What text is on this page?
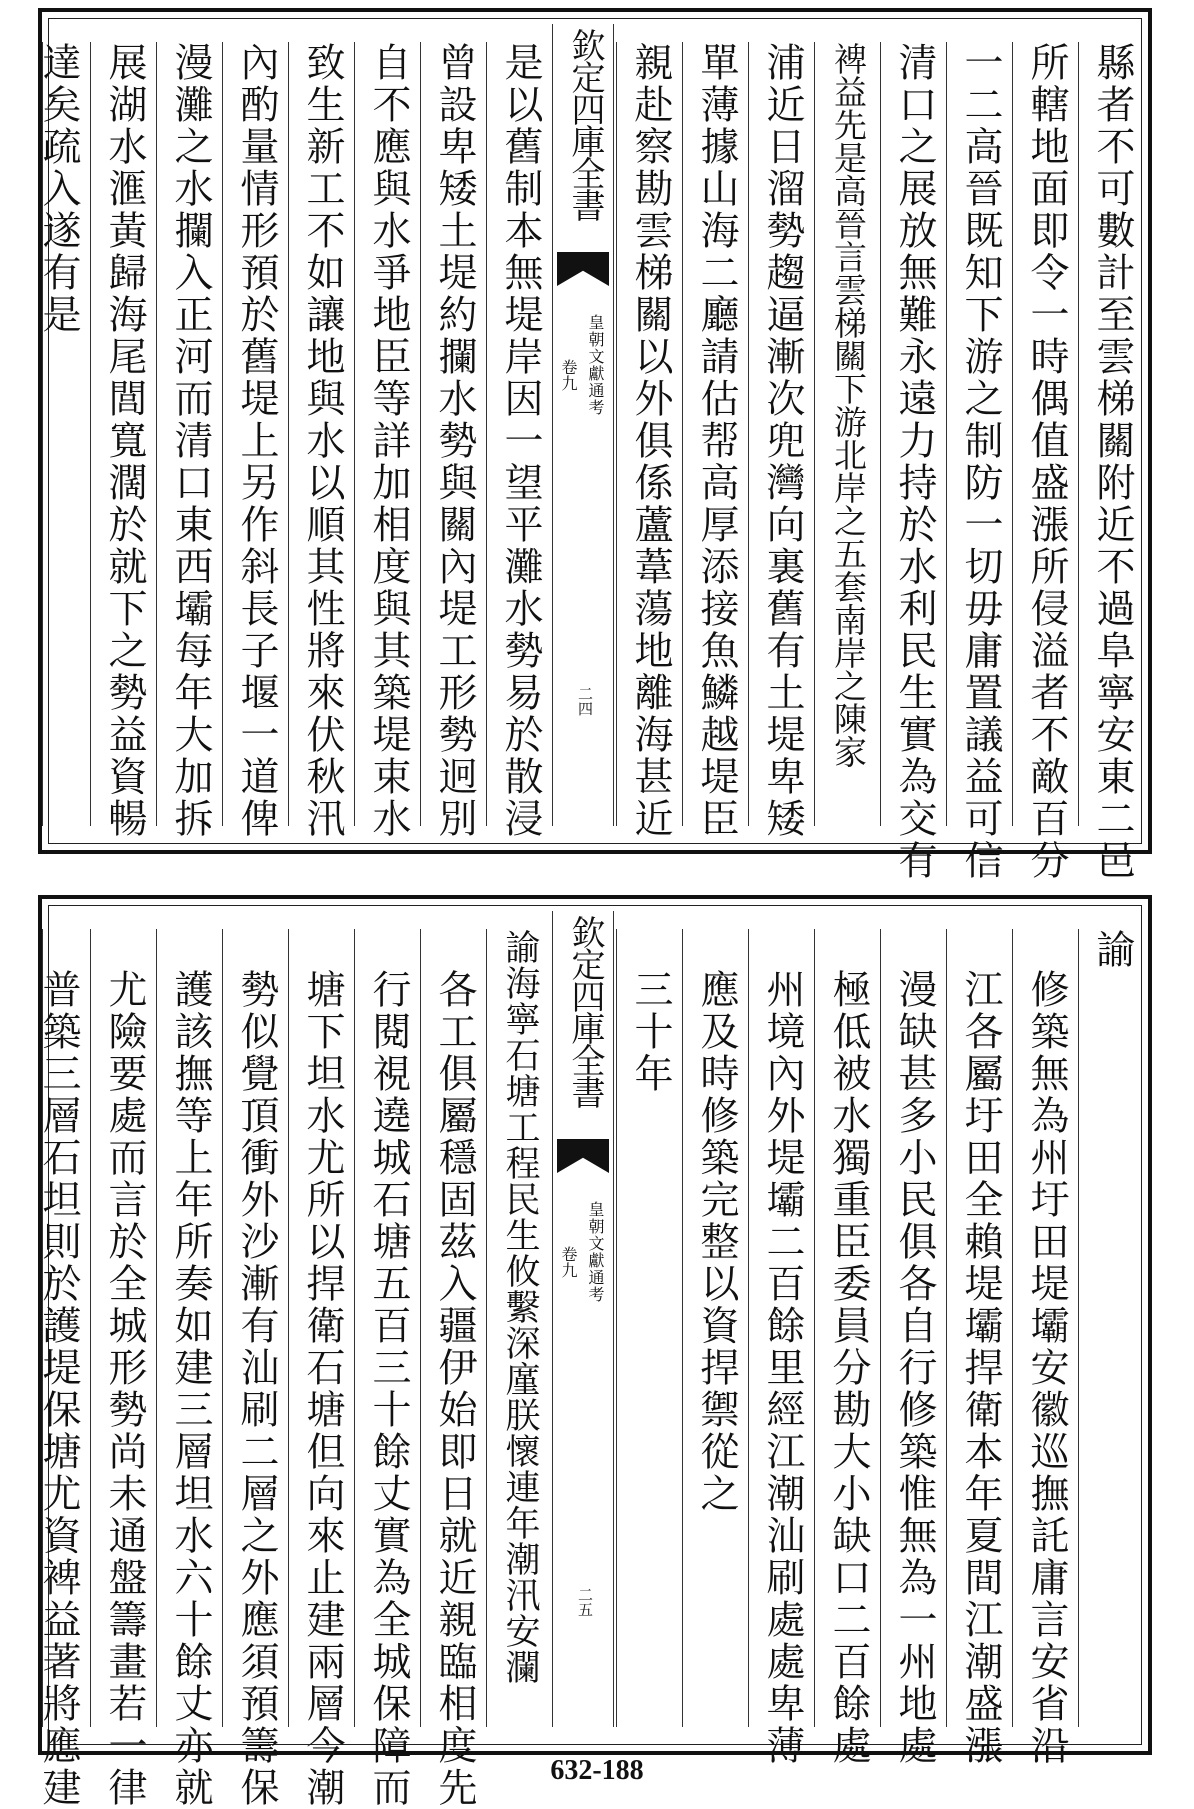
縣者不可數計至雲梯關附近不過阜寧安東二邑
所轄地面即令一時偶值盛漲所侵溢者不敵百分
一二高晉既知下游之制防一切毋庸置議益可信
清口之展放無難永遠力持於水利民生實為交有
裨益先是高晉言雲梯關下游北岸之五套南岸之陳家
浦近日溜勢趨逼漸次兜灣向裏舊有土堤卑矮
單薄據山海二廳請估帮高厚添接魚鱗越堤臣
親赴察勘雲梯關以外俱係蘆葦蕩地離海甚近
欽定四庫全書
皇朝文獻通考
卷九
二四
是以舊制本無堤岸因一望平灘水勢易於散浸
曾設卑矮土堤約攔水勢與關內堤工形勢迥別
自不應與水爭地臣等詳加相度與其築堤束水
致生新工不如讓地與水以順其性將來伏秋汛
內酌量情形預於舊堤上另作斜長子堰一道俾
漫灘之水攔入正河而清口東西壩每年大加拆
展湖水滙黃歸海尾閭寬濶於就下之勢益資暢
達矣疏入遂有是
諭
修築無為州圩田堤壩安徽巡撫託庸言安省沿
江各屬圩田全賴堤壩捍衛本年夏間江潮盛漲
漫缺甚多小民俱各自行修築惟無為一州地處
極低被水獨重臣委員分勘大小缺口二百餘處
州境內外堤壩二百餘里經江潮汕刷處處卑薄
應及時修築完整以資捍禦從之
三十年
欽定四庫全書
皇朝文獻通考
卷九
二五
諭海寧石塘工程民生攸繫深廑朕懷連年潮汛安瀾
各工俱屬穩固茲入疆伊始即日就近親臨相度先
行閱視遶城石塘五百三十餘丈實為全城保障而
塘下坦水尤所以捍衛石塘但向來止建兩層今潮
勢似覺頂衝外沙漸有汕刷二層之外應須預籌保
護該撫等上年所奏如建三層坦水六十餘丈亦就
尤險要處而言於全城形勢尚未通盤籌畫若一律
普築三層石坦則於護堤保塘尤資裨益著將應建	632-188
